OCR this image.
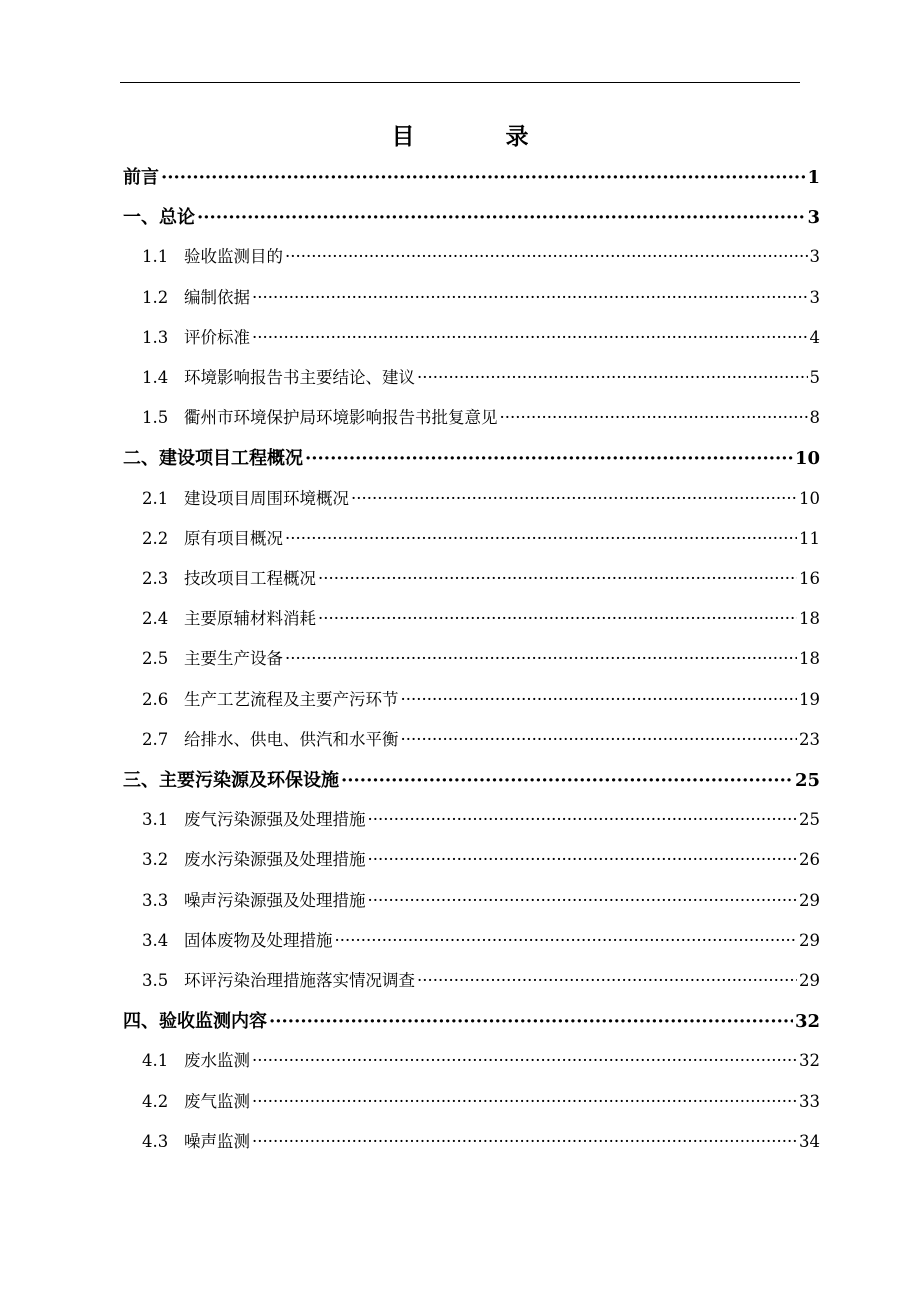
目　录
前言 ·····	1
一、总论 ·····	3
1.1 验收监测目的 ·····	3
1.2 编制依据 ·····	3
1.3 评价标准 ·····	4
1.4 环境影响报告书主要结论、建议 ·····	5
1.5 衢州市环境保护局环境影响报告书批复意见 ·····	8
二、建设项目工程概况 ·····	10
2.1 建设项目周围环境概况 ·····	10
2.2 原有项目概况 ·····	11
2.3 技改项目工程概况 ·····	16
2.4 主要原辅材料消耗 ·····	18
2.5 主要生产设备 ·····	18
2.6 生产工艺流程及主要产污环节 ·····	19
2.7 给排水、供电、供汽和水平衡 ·····	23
三、主要污染源及环保设施 ·····	25
3.1 废气污染源强及处理措施 ·····	25
3.2 废水污染源强及处理措施 ·····	26
3.3 噪声污染源强及处理措施 ·····	29
3.4 固体废物及处理措施 ·····	29
3.5 环评污染治理措施落实情况调查 ·····	29
四、验收监测内容 ·····	32
4.1 废水监测 ·····	32
4.2 废气监测 ·····	33
4.3 噪声监测 ·····	34
